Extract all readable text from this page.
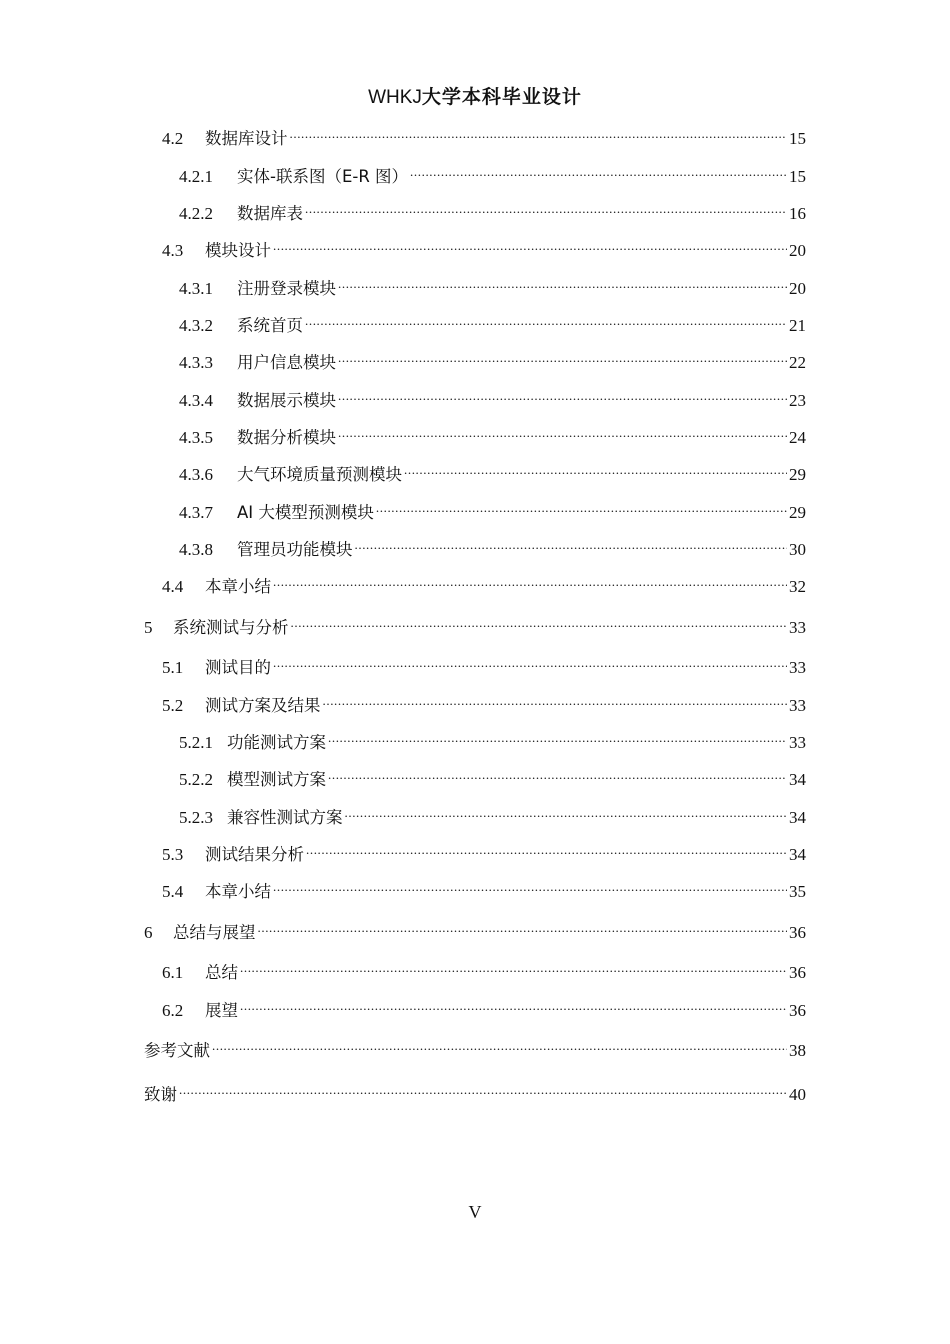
WHKJ大学本科毕业设计
4.2	数据库设计 .....	15
4.2.1	实体-联系图（E-R 图） .....	15
4.2.2	数据库表 .....	16
4.3	模块设计 .....	20
4.3.1	注册登录模块 .....	20
4.3.2	系统首页 .....	21
4.3.3	用户信息模块 .....	22
4.3.4	数据展示模块 .....	23
4.3.5	数据分析模块 .....	24
4.3.6	大气环境质量预测模块 .....	29
4.3.7	AI 大模型预测模块 .....	29
4.3.8	管理员功能模块 .....	30
4.4	本章小结 .....	32
5	系统测试与分析 .....	33
5.1	测试目的 .....	33
5.2	测试方案及结果 .....	33
5.2.1 功能测试方案 .....	33
5.2.2 模型测试方案 .....	34
5.2.3 兼容性测试方案 .....	34
5.3	测试结果分析 .....	34
5.4	本章小结 .....	35
6	总结与展望 .....	36
6.1	总结 .....	36
6.2	展望 .....	36
参考文献 .....	38
致谢 .....	40
V
